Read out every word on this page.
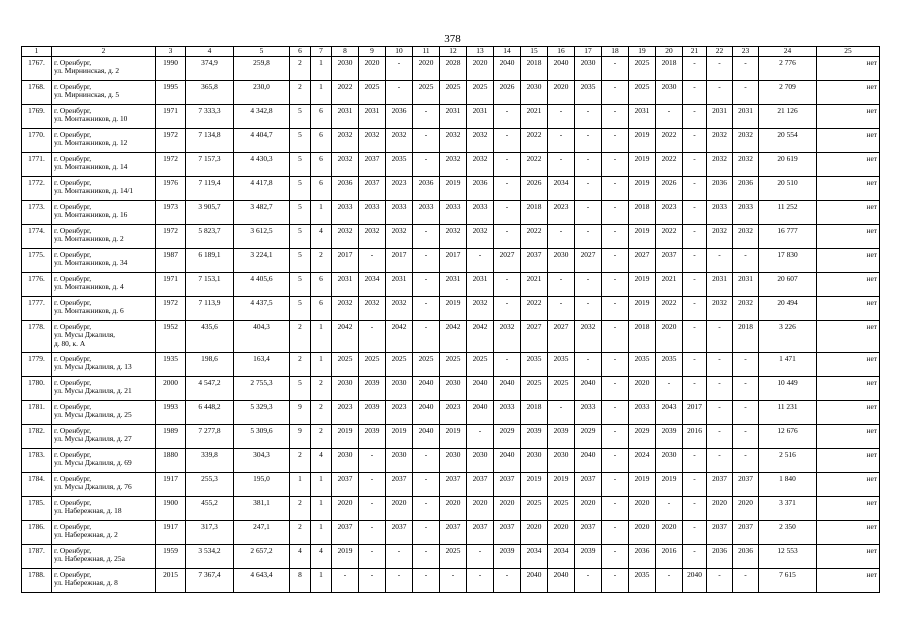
378
1	2	3	4	5	6	7	8	9	10	11	12	13	14	15	16	17	18	19	20	21	22	23	24	25
1767.	г. Оренбург,
ул. Мирнинская, д. 2	1990	374,9	259,8	2	1	2030	2020	-	2020	2028	2020	2040	2018	2040	2030	-	2025	2018	-	-	-	2 776	нет
1768.	г. Оренбург,
ул. Мирнинская, д. 5	1995	365,8	230,0	2	1	2022	2025	-	2025	2025	2025	2026	2030	2020	2035	-	2025	2030	-	-	-	2 709	нет
1769.	г. Оренбург,
ул. Монтажников, д. 10	1971	7 333,3	4 342,8	5	6	2031	2031	2036	-	2031	2031	-	2021	-	-	-	2031	-	-	2031	2031	21 126	нет
1770.	г. Оренбург,
ул. Монтажников, д. 12	1972	7 134,8	4 404,7	5	6	2032	2032	2032	-	2032	2032	-	2022	-	-	-	2019	2022	-	2032	2032	20 554	нет
1771.	г. Оренбург,
ул. Монтажников, д. 14	1972	7 157,3	4 430,3	5	6	2032	2037	2035	-	2032	2032	-	2022	-	-	-	2019	2022	-	2032	2032	20 619	нет
1772.	г. Оренбург,
ул. Монтажников, д. 14/1	1976	7 119,4	4 417,8	5	6	2036	2037	2023	2036	2019	2036	-	2026	2034	-	-	2019	2026	-	2036	2036	20 510	нет
1773.	г. Оренбург,
ул. Монтажников, д. 16	1973	3 905,7	3 482,7	5	1	2033	2033	2033	2033	2033	2033	-	2018	2023	-	-	2018	2023	-	2033	2033	11 252	нет
1774.	г. Оренбург,
ул. Монтажников, д. 2	1972	5 823,7	3 612,5	5	4	2032	2032	2032	-	2032	2032	-	2022	-	-	-	2019	2022	-	2032	2032	16 777	нет
1775.	г. Оренбург,
ул. Монтажников, д. 34	1987	6 189,1	3 224,1	5	2	2017	-	2017	-	2017	-	2027	2037	2030	2027	-	2027	2037	-	-	-	17 830	нет
1776.	г. Оренбург,
ул. Монтажников, д. 4	1971	7 153,1	4 405,6	5	6	2031	2034	2031	-	2031	2031	-	2021	-	-	-	2019	2021	-	2031	2031	20 607	нет
1777.	г. Оренбург,
ул. Монтажников, д. 6	1972	7 113,9	4 437,5	5	6	2032	2032	2032	-	2019	2032	-	2022	-	-	-	2019	2022	-	2032	2032	20 494	нет
1778.	г. Оренбург,
ул. Мусы Джалиля,
д. 80, к. А	1952	435,6	404,3	2	1	2042	-	2042	-	2042	2042	2032	2027	2027	2032	-	2018	2020	-	-	2018	3 226	нет
1779.	г. Оренбург,
ул. Мусы Джалиля, д. 13	1935	198,6	163,4	2	1	2025	2025	2025	2025	2025	2025	-	2035	2035	-	-	2035	2035	-	-	-	1 471	нет
1780.	г. Оренбург,
ул. Мусы Джалиля, д. 21	2000	4 547,2	2 755,3	5	2	2030	2039	2030	2040	2030	2040	2040	2025	2025	2040	-	2020	-	-	-	-	10 449	нет
1781.	г. Оренбург,
ул. Мусы Джалиля, д. 25	1993	6 448,2	5 329,3	9	2	2023	2039	2023	2040	2023	2040	2033	2018	-	2033	-	2033	2043	2017	-	-	11 231	нет
1782.	г. Оренбург,
ул. Мусы Джалиля, д. 27	1989	7 277,8	5 309,6	9	2	2019	2039	2019	2040	2019	-	2029	2039	2039	2029	-	2029	2039	2016	-	-	12 676	нет
1783.	г. Оренбург,
ул. Мусы Джалиля, д. 69	1880	339,8	304,3	2	4	2030	-	2030	-	2030	2030	2040	2030	2030	2040	-	2024	2030	-	-	-	2 516	нет
1784.	г. Оренбург,
ул. Мусы Джалиля, д. 76	1917	255,3	195,0	1	1	2037	-	2037	-	2037	2037	2037	2019	2019	2037	-	2019	2019	-	2037	2037	1 840	нет
1785.	г. Оренбург,
ул. Набережная, д. 18	1900	455,2	381,1	2	1	2020	-	2020	-	2020	2020	2020	2025	2025	2020	-	2020	-	-	2020	2020	3 371	нет
1786.	г. Оренбург,
ул. Набережная, д. 2	1917	317,3	247,1	2	1	2037	-	2037	-	2037	2037	2037	2020	2020	2037	-	2020	2020	-	2037	2037	2 350	нет
1787.	г. Оренбург,
ул. Набережная, д. 25а	1959	3 534,2	2 657,2	4	4	2019	-	-	-	2025	-	2039	2034	2034	2039	-	2036	2016	-	2036	2036	12 553	нет
1788.	г. Оренбург,
ул. Набережная, д. 8	2015	7 367,4	4 643,4	8	1	-	-	-	-	-	-	-	2040	2040	-	-	2035	-	2040	-	-	7 615	нет
